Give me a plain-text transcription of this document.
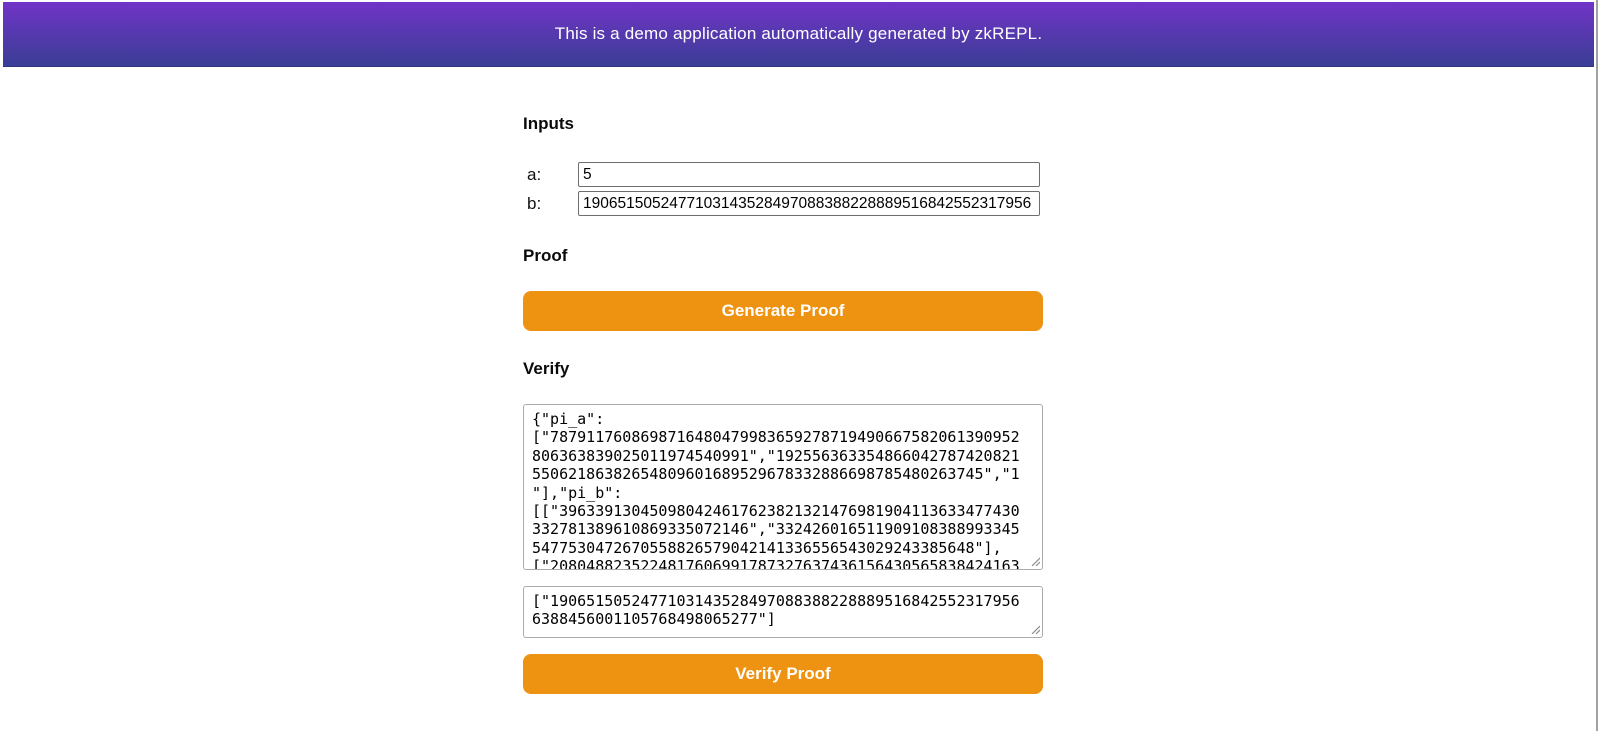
This is a demo application automatically generated by zkREPL.
Inputs
a:
5
b:
1906515052477103143528497088388228889516842552317956
Proof
Generate Proof
Verify
{"pi_a": ["7879117608698716480479983659278719490667582061390952 806363839025011974540991","192556363354866042787420821 55062186382654809601689529678332886698785480263745","1 "],"pi_b": [["396339130450980424617623821321476981904113633477430 332781389610869335072146","332426016511909108388993345 5477530472670558826579042141336556543029243385648"], ["2080488235224817606991787327637436156430565838424163
["1906515052477103143528497088388228889516842552317956 6388456001105768498065277"]
Verify Proof
